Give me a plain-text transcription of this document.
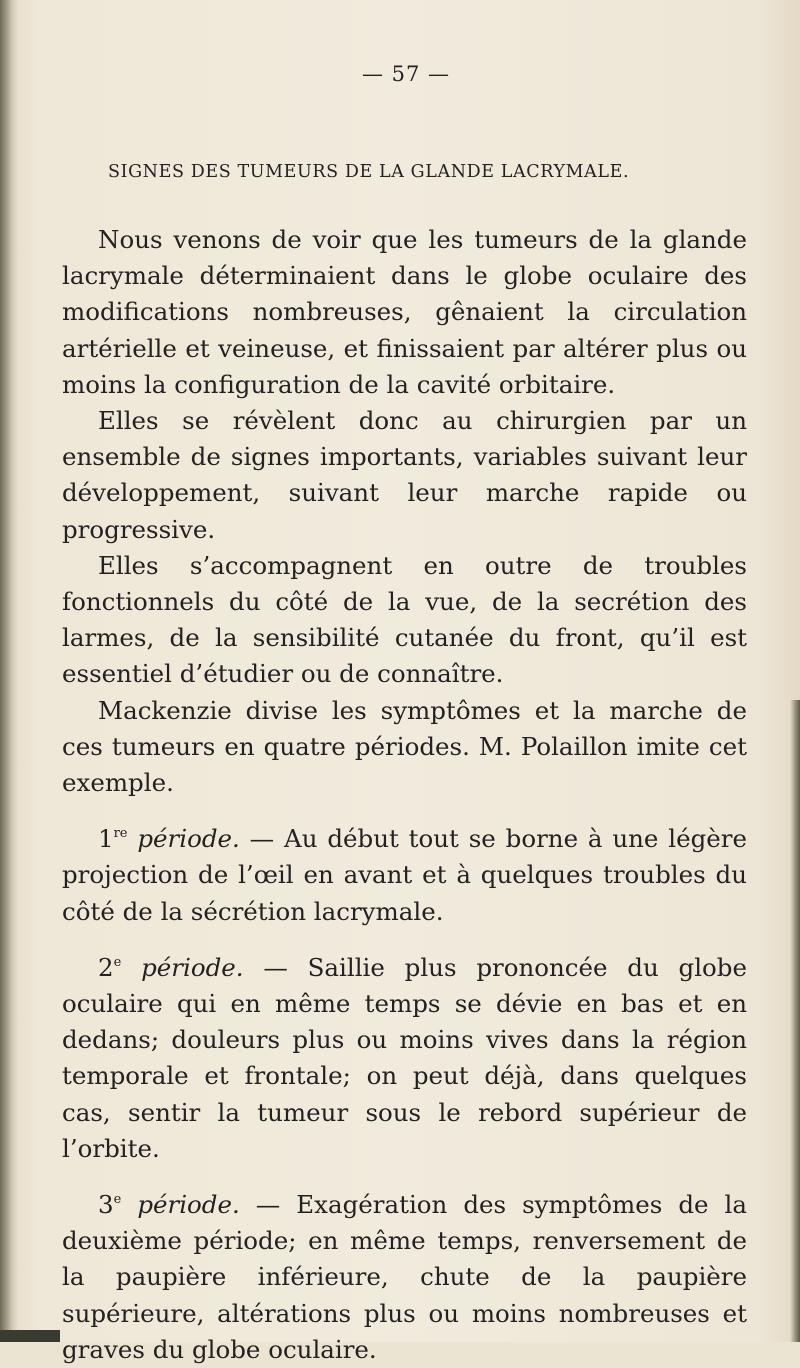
— 57 —
SIGNES DES TUMEURS DE LA GLANDE LACRYMALE.

Nous venons de voir que les tumeurs de la glande lacrymale déterminaient dans le globe oculaire des modifications nombreuses, gênaient la circulation artérielle et veineuse, et finissaient par altérer plus ou moins la configuration de la cavité orbitaire.

Elles se révèlent donc au chirurgien par un ensemble de signes importants, variables suivant leur développement, suivant leur marche rapide ou progressive.

Elles s’accompagnent en outre de troubles fonctionnels du côté de la vue, de la secrétion des larmes, de la sensibilité cutanée du front, qu’il est essentiel d’étudier ou de connaître.

Mackenzie divise les symptômes et la marche de ces tumeurs en quatre périodes. M. Polaillon imite cet exemple.

1re période. — Au début tout se borne à une légère projection de l’œil en avant et à quelques troubles du côté de la sécrétion lacrymale.

2e période. — Saillie plus prononcée du globe oculaire qui en même temps se dévie en bas et en dedans; douleurs plus ou moins vives dans la région temporale et frontale; on peut déjà, dans quelques cas, sentir la tumeur sous le rebord supérieur de l’orbite.

3e période. — Exagération des symptômes de la deuxième période; en même temps, renversement de la paupière inférieure, chute de la paupière supérieure, altérations plus ou moins nombreuses et graves du globe oculaire.
